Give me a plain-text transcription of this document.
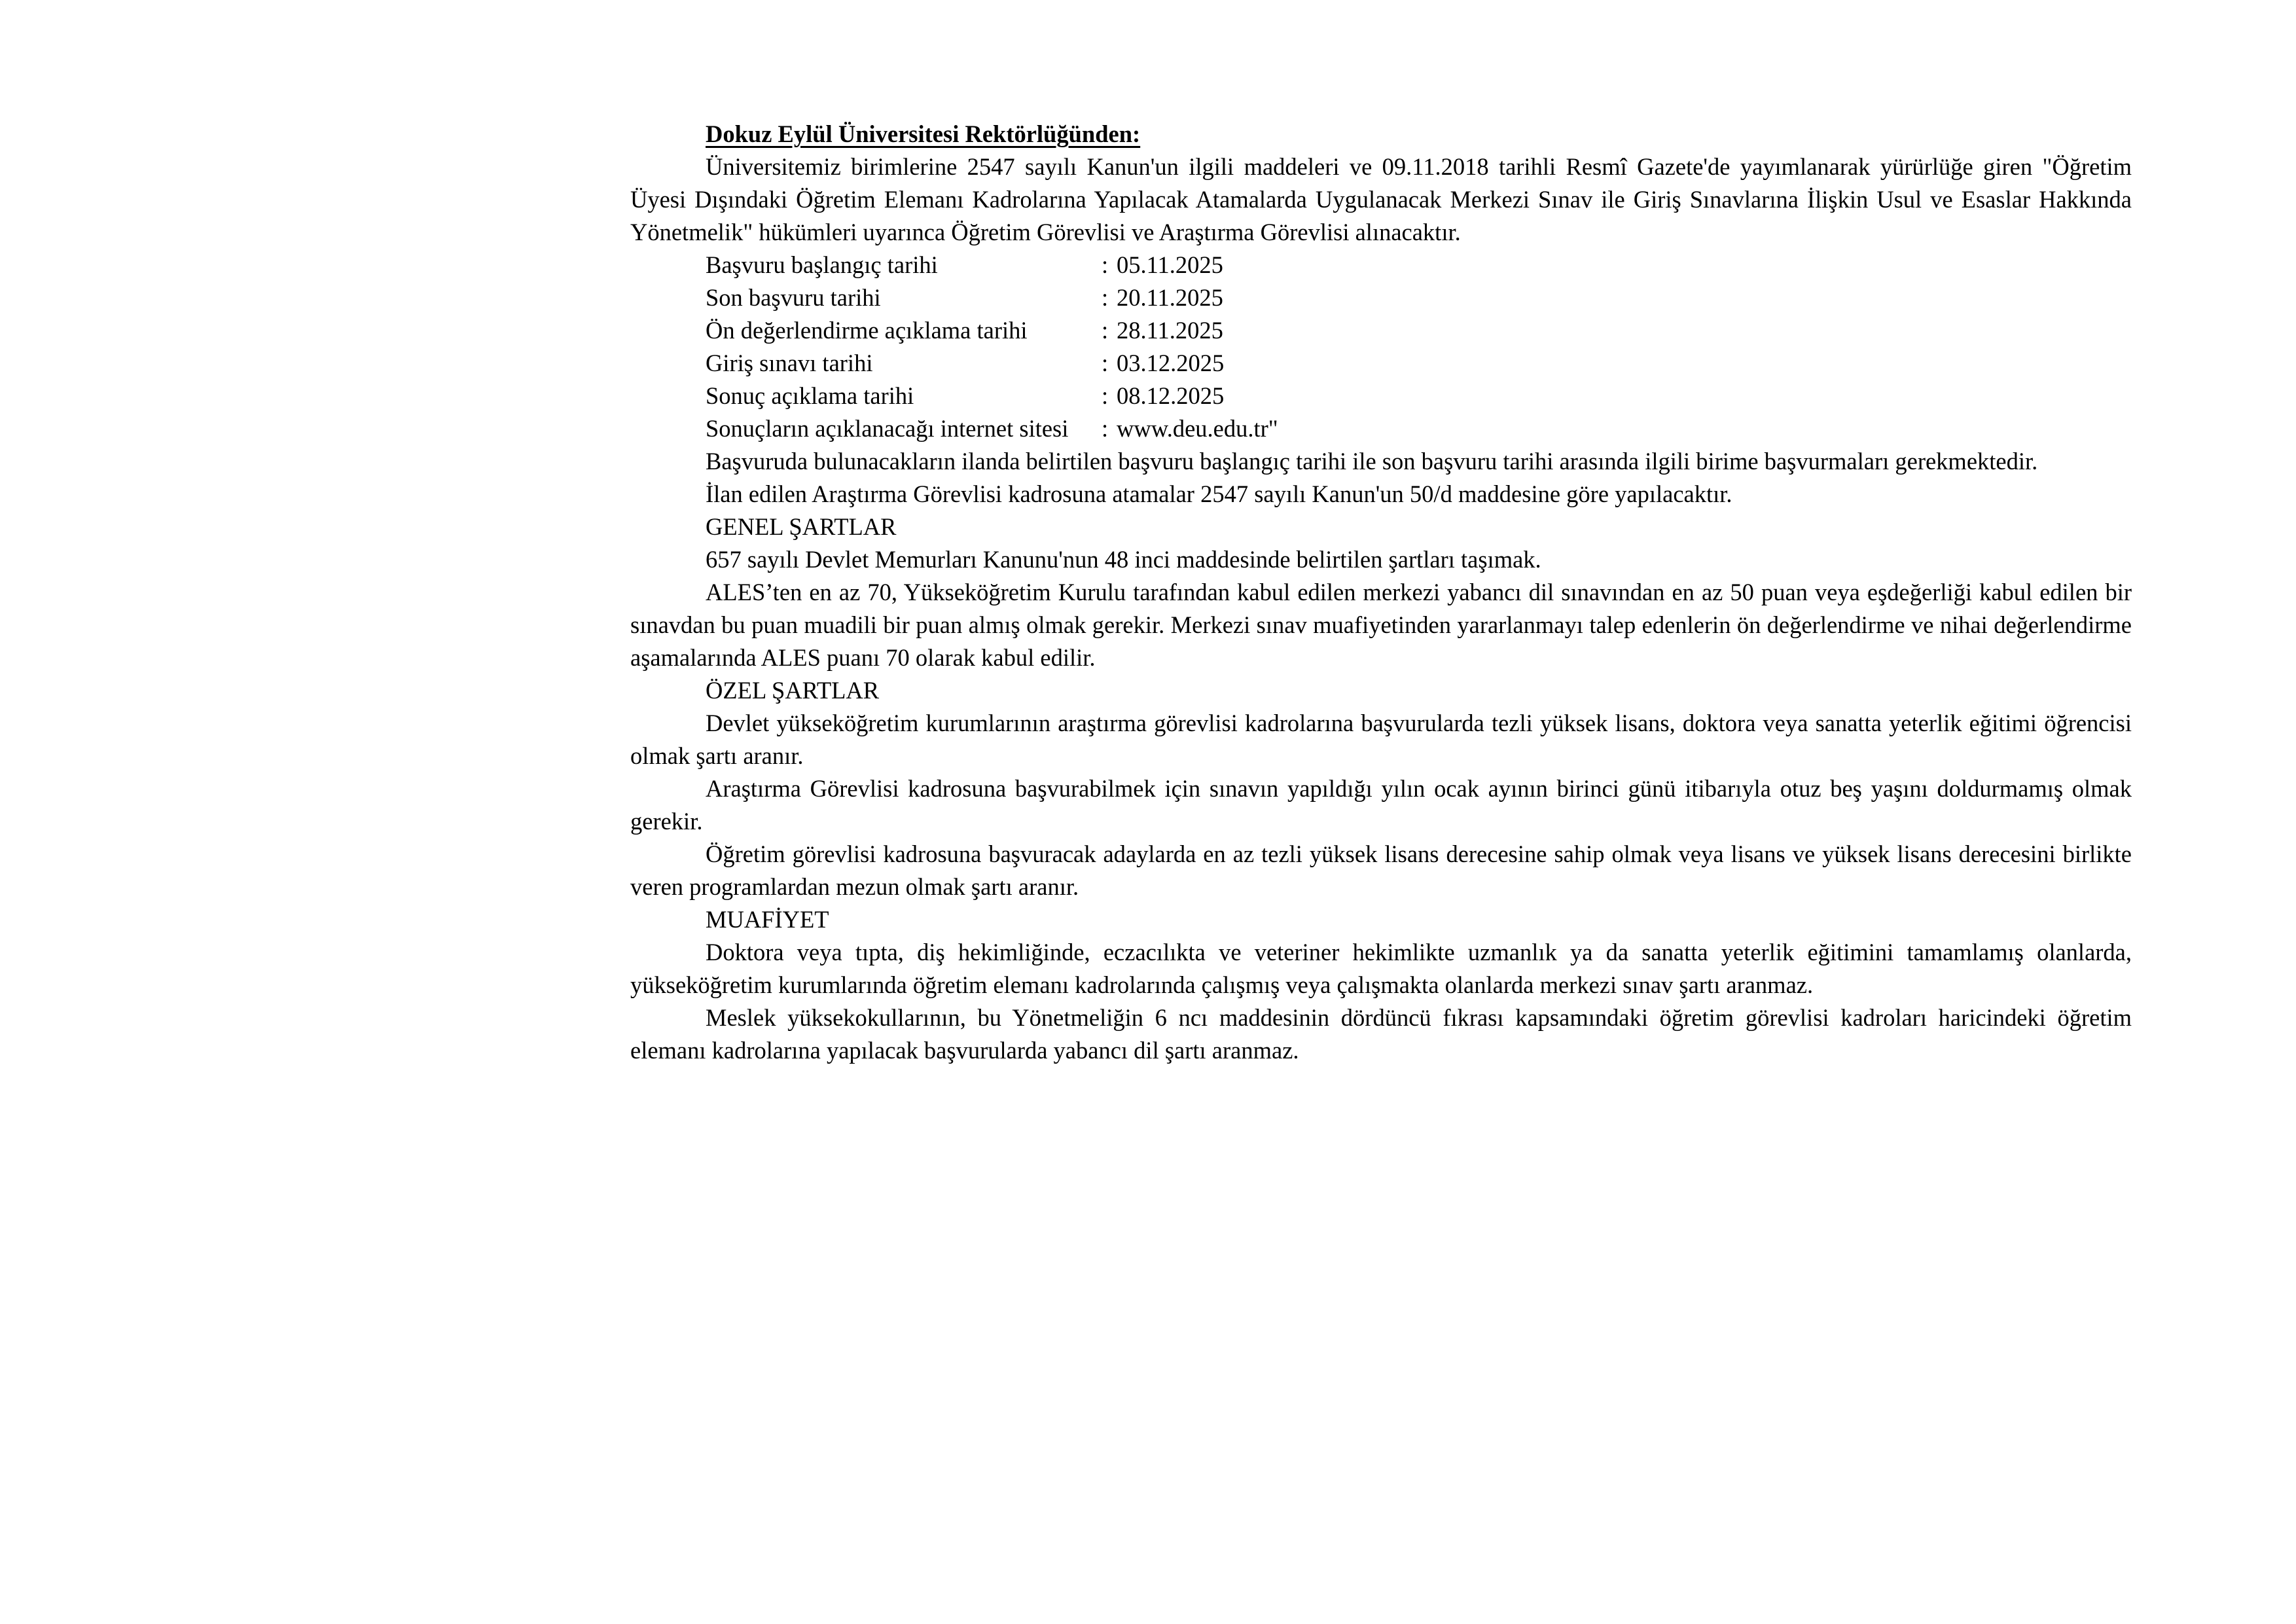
Dokuz Eylül Üniversitesi Rektörlüğünden:

Üniversitemiz birimlerine 2547 sayılı Kanun'un ilgili maddeleri ve 09.11.2018 tarihli Resmî Gazete'de yayımlanarak yürürlüğe giren "Öğretim Üyesi Dışındaki Öğretim Elemanı Kadrolarına Yapılacak Atamalarda Uygulanacak Merkezi Sınav ile Giriş Sınavlarına İlişkin Usul ve Esaslar Hakkında Yönetmelik" hükümleri uyarınca Öğretim Görevlisi ve Araştırma Görevlisi alınacaktır.

Başvuru başlangıç tarihi	: 05.11.2025
Son başvuru tarihi	: 20.11.2025
Ön değerlendirme açıklama tarihi	: 28.11.2025
Giriş sınavı tarihi	: 03.12.2025
Sonuç açıklama tarihi	: 08.12.2025
Sonuçların açıklanacağı internet sitesi : www.deu.edu.tr"

Başvuruda bulunacakların ilanda belirtilen başvuru başlangıç tarihi ile son başvuru tarihi arasında ilgili birime başvurmaları gerekmektedir.

İlan edilen Araştırma Görevlisi kadrosuna atamalar 2547 sayılı Kanun'un 50/d maddesine göre yapılacaktır.

GENEL ŞARTLAR

657 sayılı Devlet Memurları Kanunu'nun 48 inci maddesinde belirtilen şartları taşımak.

ALES’ten en az 70, Yükseköğretim Kurulu tarafından kabul edilen merkezi yabancı dil sınavından en az 50 puan veya eşdeğerliği kabul edilen bir sınavdan bu puan muadili bir puan almış olmak gerekir. Merkezi sınav muafiyetinden yararlanmayı talep edenlerin ön değerlendirme ve nihai değerlendirme aşamalarında ALES puanı 70 olarak kabul edilir.

ÖZEL ŞARTLAR

Devlet yükseköğretim kurumlarının araştırma görevlisi kadrolarına başvurularda tezli yüksek lisans, doktora veya sanatta yeterlik eğitimi öğrencisi olmak şartı aranır.

Araştırma Görevlisi kadrosuna başvurabilmek için sınavın yapıldığı yılın ocak ayının birinci günü itibarıyla otuz beş yaşını doldurmamış olmak gerekir.

Öğretim görevlisi kadrosuna başvuracak adaylarda en az tezli yüksek lisans derecesine sahip olmak veya lisans ve yüksek lisans derecesini birlikte veren programlardan mezun olmak şartı aranır.

MUAFİYET

Doktora veya tıpta, diş hekimliğinde, eczacılıkta ve veteriner hekimlikte uzmanlık ya da sanatta yeterlik eğitimini tamamlamış olanlarda, yükseköğretim kurumlarında öğretim elemanı kadrolarında çalışmış veya çalışmakta olanlarda merkezi sınav şartı aranmaz.

Meslek yüksekokullarının, bu Yönetmeliğin 6 ncı maddesinin dördüncü fıkrası kapsamındaki öğretim görevlisi kadroları haricindeki öğretim elemanı kadrolarına yapılacak başvurularda yabancı dil şartı aranmaz.
